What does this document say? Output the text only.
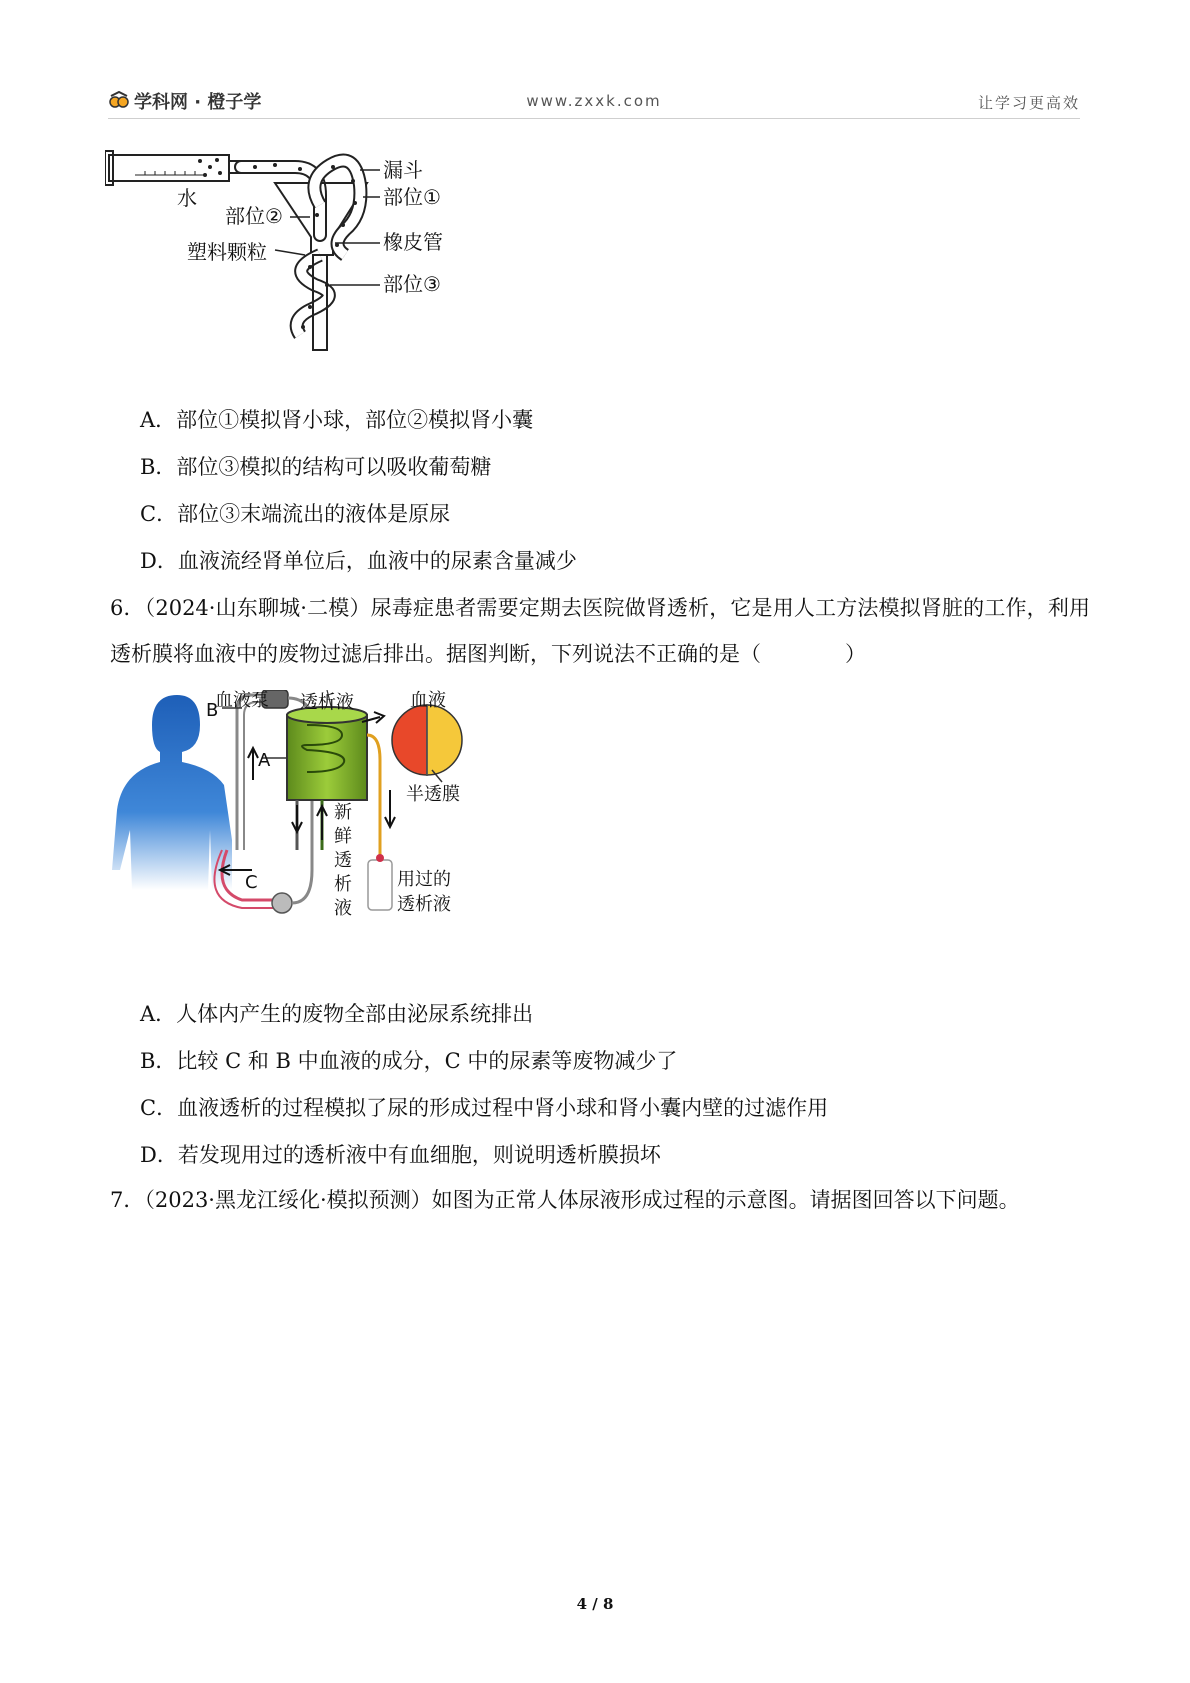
学科网 · 橙子学	www.zxxk.com	让学习更高效
水
漏斗
部位①
部位②
塑料颗粒	橡皮管
部位③
A．部位①模拟肾小球，部位②模拟肾小囊
B．部位③模拟的结构可以吸收葡萄糖
C．部位③末端流出的液体是原尿
D．血液流经肾单位后，血液中的尿素含量减少
6．（2024·山东聊城·二模）尿毒症患者需要定期去医院做肾透析，它是用人工方法模拟肾脏的工作，利用透析膜将血液中的废物过滤后排出。据图判断，下列说法不正确的是（　　　　）
血液泵 透析液	血液
B
A
C
半透膜
新
鲜
透
析
液
用过的
透析液
A．人体内产生的废物全部由泌尿系统排出
B．比较 C 和 B 中血液的成分，C 中的尿素等废物减少了
C．血液透析的过程模拟了尿的形成过程中肾小球和肾小囊内壁的过滤作用
D．若发现用过的透析液中有血细胞，则说明透析膜损坏
7．（2023·黑龙江绥化·模拟预测）如图为正常人体尿液形成过程的示意图。请据图回答以下问题。
4 / 8
